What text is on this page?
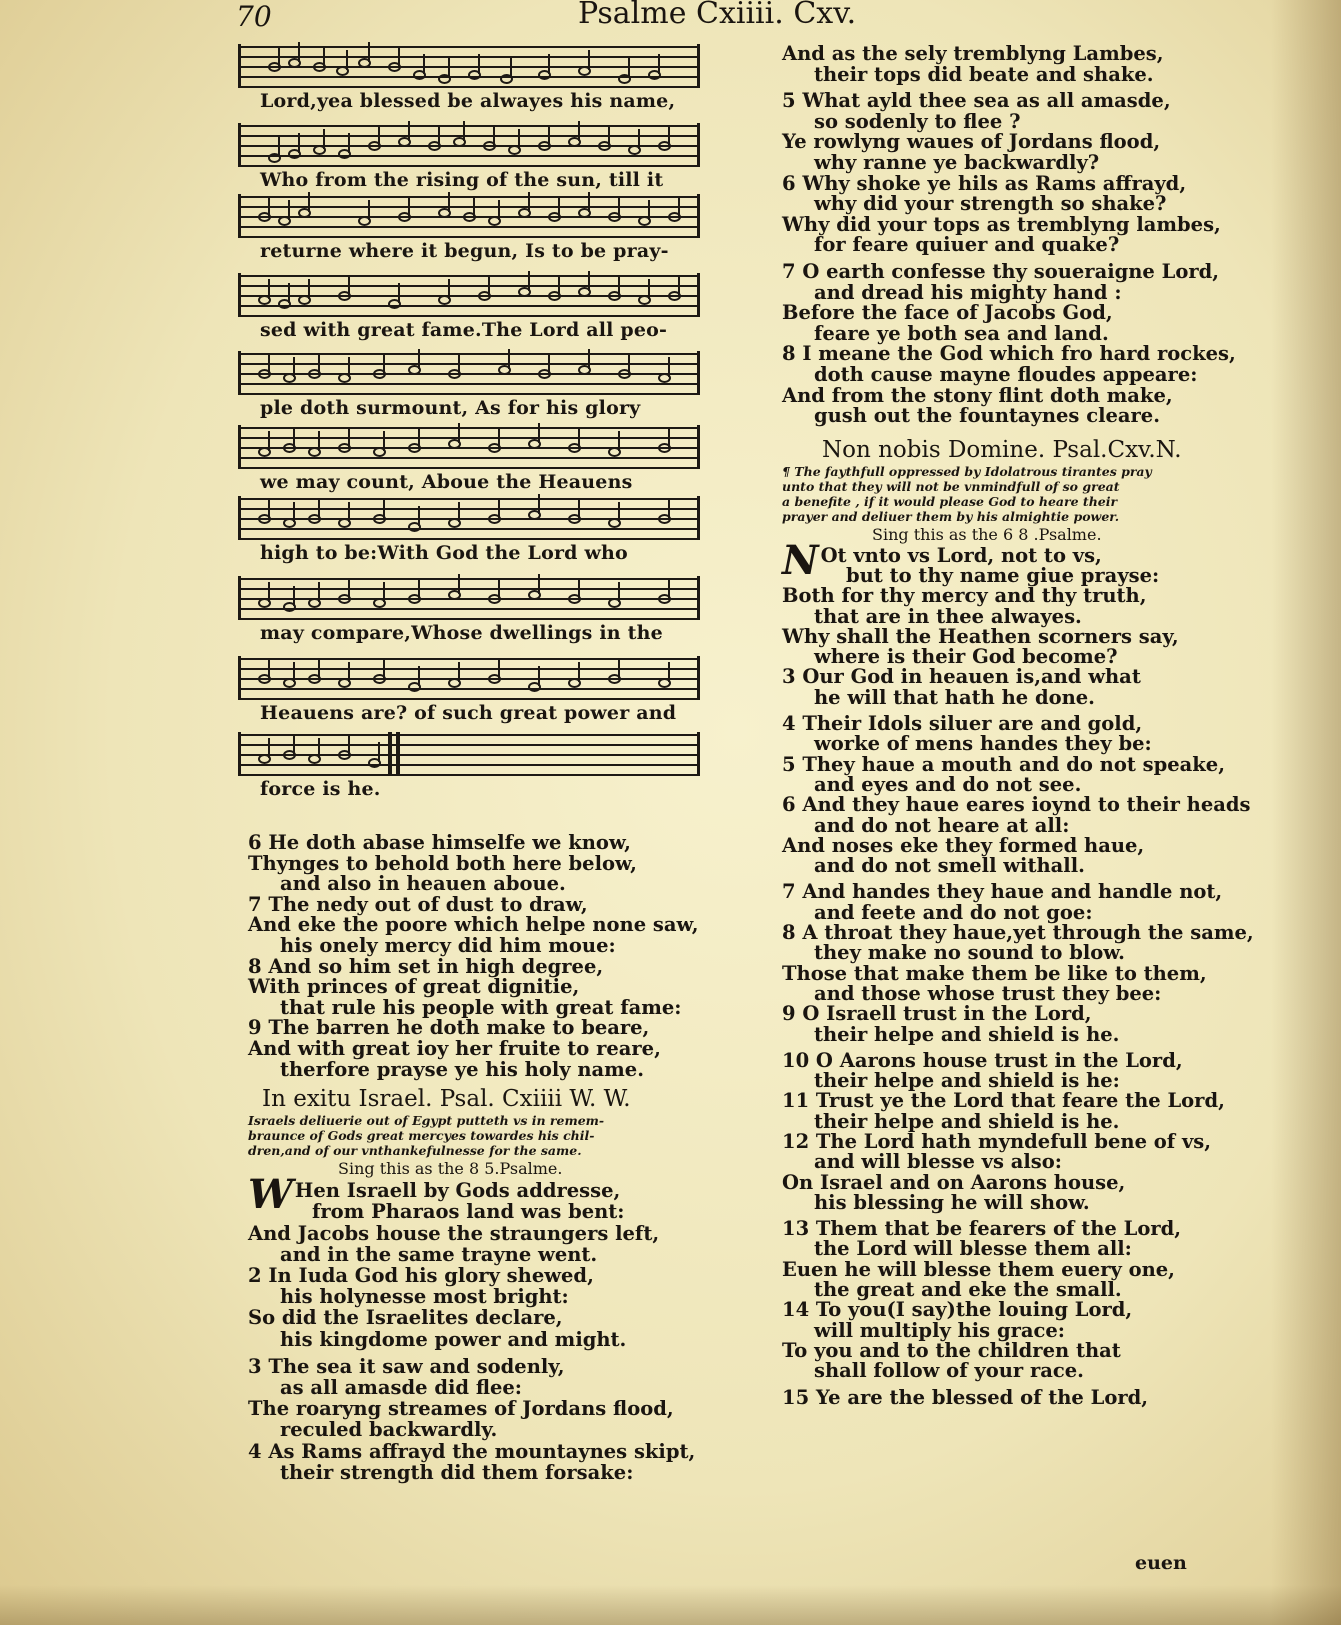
70	Psalme Cxiiii. Cxv.
Lord,yea blessed be alwayes his name,
Who from the rising of the sun, till it
returne where it begun, Is to be pray-
sed with great fame.The Lord all peo-
ple doth surmount, As for his glory
we may count, Aboue the Heauens
high to be:With God the Lord who
may compare,Whose dwellings in the
Heauens are? of such great power and
force is he.
6 He doth abase himselfe we know,
Thynges to behold both here below,
and also in heauen aboue.
7 The nedy out of dust to draw,
And eke the poore which helpe none saw,
his onely mercy did him moue:
8 And so him set in high degree,
With princes of great dignitie,
that rule his people with great fame:
9 The barren he doth make to beare,
And with great ioy her fruite to reare,
therfore prayse ye his holy name.
In exitu Israel. Psal. Cxiiii W. W.
Israels deliuerie out of Egypt putteth vs in remem-
braunce of Gods great mercyes towardes his chil-
dren,and of our vnthankefulnesse for the same.
Sing this as the 8 5.Psalme.
W Hen Israell by Gods addresse,
from Pharaos land was bent:
And Jacobs house the straungers left,
and in the same trayne went.
2 In Iuda God his glory shewed,
his holynesse most bright:
So did the Israelites declare,
his kingdome power and might.
3 The sea it saw and sodenly,
as all amasde did flee:
The roaryng streames of Jordans flood,
reculed backwardly.
4 As Rams affrayd the mountaynes skipt,
their strength did them forsake:
And as the sely tremblyng Lambes,
their tops did beate and shake.
5 What ayld thee sea as all amasde,
so sodenly to flee ?
Ye rowlyng waues of Jordans flood,
why ranne ye backwardly?
6 Why shoke ye hils as Rams affrayd,
why did your strength so shake?
Why did your tops as tremblyng lambes,
for feare quiuer and quake?
7 O earth confesse thy soueraigne Lord,
and dread his mighty hand :
Before the face of Jacobs God,
feare ye both sea and land.
8 I meane the God which fro hard rockes,
doth cause mayne floudes appeare:
And from the stony flint doth make,
gush out the fountaynes cleare.
Non nobis Domine. Psal.Cxv.N.
¶ The faythfull oppressed by Idolatrous tirantes pray
unto that they will not be vnmindfull of so great
a benefite , if it would please God to heare their
prayer and deliuer them by his almightie power.
Sing this as the 6 8 .Psalme.
N Ot vnto vs Lord, not to vs,
but to thy name giue prayse:
Both for thy mercy and thy truth,
that are in thee alwayes.
Why shall the Heathen scorners say,
where is their God become?
3 Our God in heauen is,and what
he will that hath he done.
4 Their Idols siluer are and gold,
worke of mens handes they be:
5 They haue a mouth and do not speake,
and eyes and do not see.
6 And they haue eares ioynd to their heads
and do not heare at all:
And noses eke they formed haue,
and do not smell withall.
7 And handes they haue and handle not,
and feete and do not goe:
8 A throat they haue,yet through the same,
they make no sound to blow.
Those that make them be like to them,
and those whose trust they bee:
9 O Israell trust in the Lord,
their helpe and shield is he.
10 O Aarons house trust in the Lord,
their helpe and shield is he:
11 Trust ye the Lord that feare the Lord,
their helpe and shield is he.
12 The Lord hath myndefull bene of vs,
and will blesse vs also:
On Israel and on Aarons house,
his blessing he will show.
13 Them that be fearers of the Lord,
the Lord will blesse them all:
Euen he will blesse them euery one,
the great and eke the small.
14 To you(I say)the louing Lord,
will multiply his grace:
To you and to the children that
shall follow of your race.
15 Ye are the blessed of the Lord,
euen
